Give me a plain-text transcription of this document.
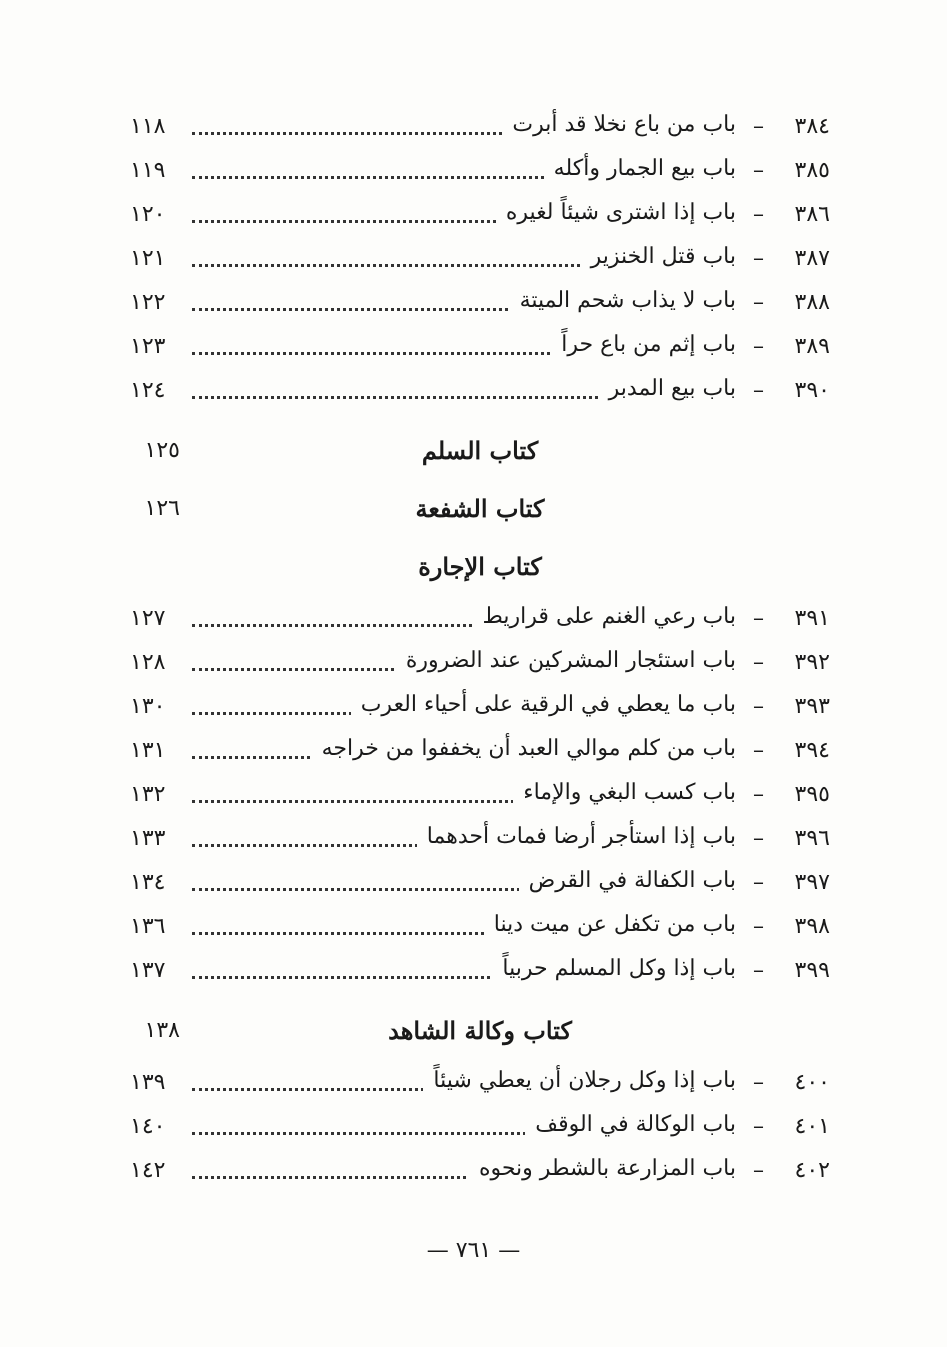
٣٨٤
–
باب من باع نخلا قد أبرت
١١٨
٣٨٥
–
باب بيع الجمار وأكله
١١٩
٣٨٦
–
باب إذا اشترى شيئاً لغيره
١٢٠
٣٨٧
–
باب قتل الخنزير
١٢١
٣٨٨
–
باب لا يذاب شحم الميتة
١٢٢
٣٨٩
–
باب إثم من باع حراً
١٢٣
٣٩٠
–
باب بيع المدبر
١٢٤
كتاب السلم
١٢٥
كتاب الشفعة
١٢٦
كتاب الإجارة
٣٩١
–
باب رعي الغنم على قراريط
١٢٧
٣٩٢
–
باب استئجار المشركين عند الضرورة
١٢٨
٣٩٣
–
باب ما يعطي في الرقية على أحياء العرب
١٣٠
٣٩٤
–
باب من كلم موالي العبد أن يخففوا من خراجه
١٣١
٣٩٥
–
باب كسب البغي والإماء
١٣٢
٣٩٦
–
باب إذا استأجر أرضا فمات أحدهما
١٣٣
٣٩٧
–
باب الكفالة في القرض
١٣٤
٣٩٨
–
باب من تكفل عن ميت دينا
١٣٦
٣٩٩
–
باب إذا وكل المسلم حربياً
١٣٧
كتاب وكالة الشاهد
١٣٨
٤٠٠
–
باب إذا وكل رجلان أن يعطي شيئاً
١٣٩
٤٠١
–
باب الوكالة في الوقف
١٤٠
٤٠٢
–
باب المزارعة بالشطر ونحوه
١٤٢
— ٧٦١ —
